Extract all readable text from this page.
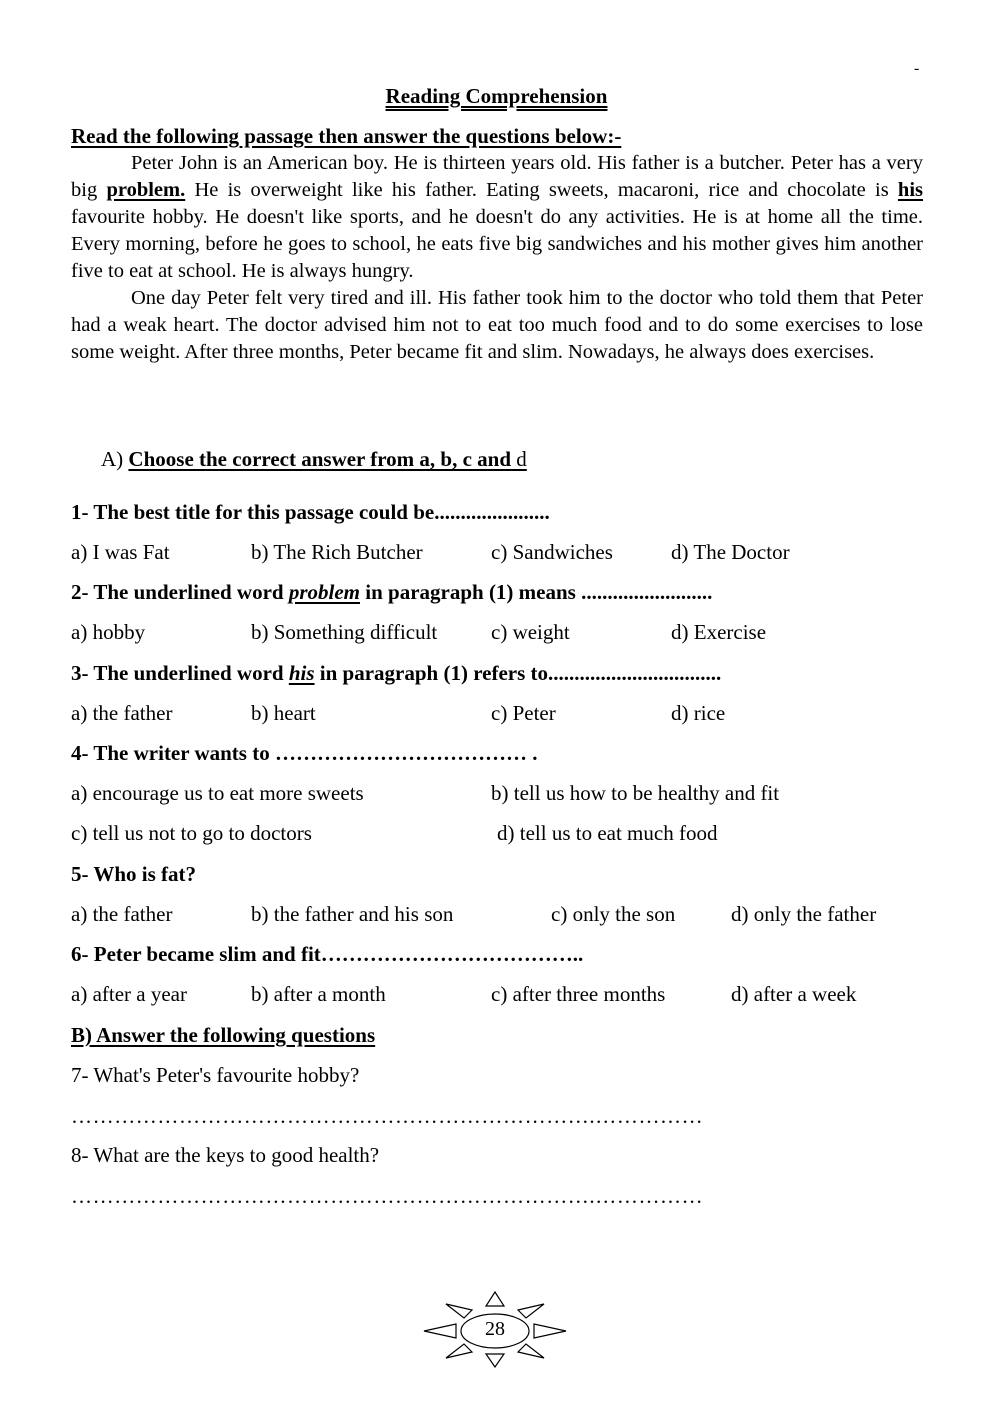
-
Reading Comprehension
Read the following passage then answer the questions below:-

Peter John is an American boy. He is thirteen years old. His father is a butcher. Peter has a very big problem. He is overweight like his father. Eating sweets, macaroni, rice and chocolate is his favourite hobby. He doesn't like sports, and he doesn't do any activities. He is at home all the time. Every morning, before he goes to school, he eats five big sandwiches and his mother gives him another five to eat at school. He is always hungry.

One day Peter felt very tired and ill. His father took him to the doctor who told them that Peter had a weak heart. The doctor advised him not to eat too much food and to do some exercises to lose some weight. After three months, Peter became fit and slim. Nowadays, he always does exercises.

A) Choose the correct answer from a, b, c and d
1- The best title for this passage could be......................
a) I was Fat	b) The Rich Butcher	c) Sandwiches	d) The Doctor
2- The underlined word problem in paragraph (1) means .........................
a) hobby	b) Something difficult	c) weight	d) Exercise
3- The underlined word his in paragraph (1) refers to.................................
a) the father	b) heart	c) Peter	d) rice
4- The writer wants to ……………………………… .
a) encourage us to eat more sweets	b) tell us how to be healthy and fit
c) tell us not to go to doctors	d) tell us to eat much food
5- Who is fat?
a) the father	b) the father and his son	c) only the son	d) only the father
6- Peter became slim and fit………………………………..
a) after a year	b) after a month	c) after three months	d) after a week
B) Answer the following questions
7- What's Peter's favourite hobby?
……………………………………………………………….……………
8- What are the keys to good health?
……………………………………………………………….……………
28
